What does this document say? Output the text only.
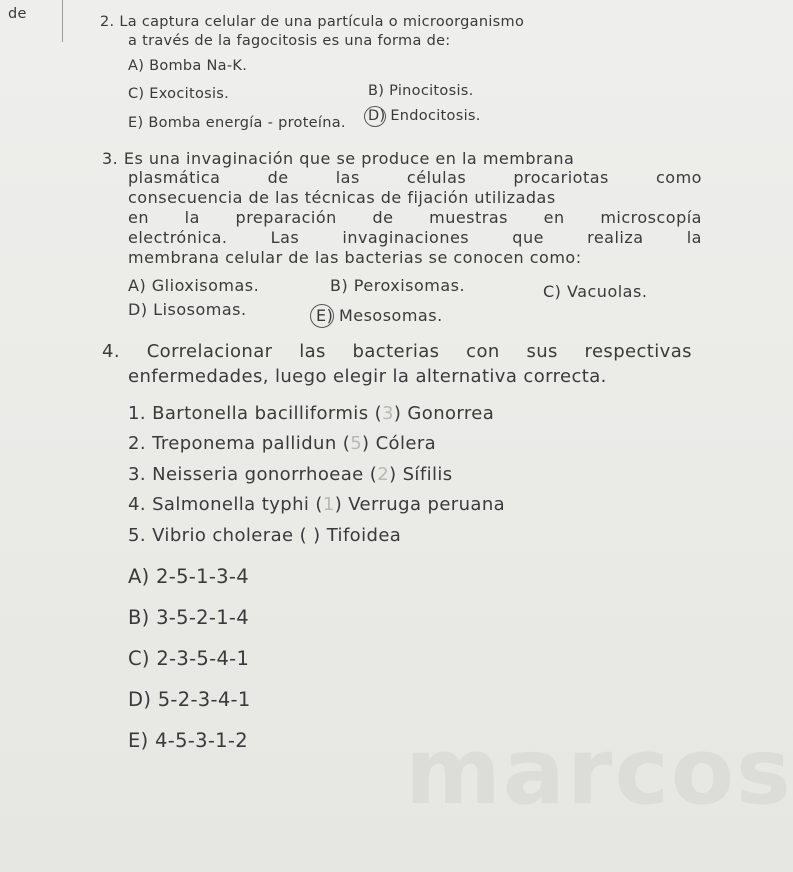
de
marcos
2. La captura celular de una partícula o microorganismo
a través de la fagocitosis es una forma de:
A) Bomba Na-K.
C) Exocitosis.	B) Pinocitosis.
D) Endocitosis.
E) Bomba energía - proteína.
3. Es una invaginación que se produce en la membrana
plasmática	de	las	células	procariotas	como
consecuencia de las técnicas de fijación utilizadas
en la preparación de muestras en microscopía
electrónica.	Las	invaginaciones	que	realiza	la
membrana celular de las bacterias se conocen como:
A) Glioxisomas.	B) Peroxisomas.	C) Vacuolas.
D) Lisosomas.	E) Mesosomas.
4. Correlacionar las bacterias con sus respectivas
enfermedades, luego elegir la alternativa correcta.
1. Bartonella bacilliformis (3) Gonorrea
2. Treponema pallidun (5) Cólera
3. Neisseria gonorrhoeae (2) Sífilis
4. Salmonella typhi (1) Verruga peruana
5. Vibrio cholerae ( ) Tifoidea
A) 2-5-1-3-4
B) 3-5-2-1-4
C) 2-3-5-4-1
D) 5-2-3-4-1
E) 4-5-3-1-2
